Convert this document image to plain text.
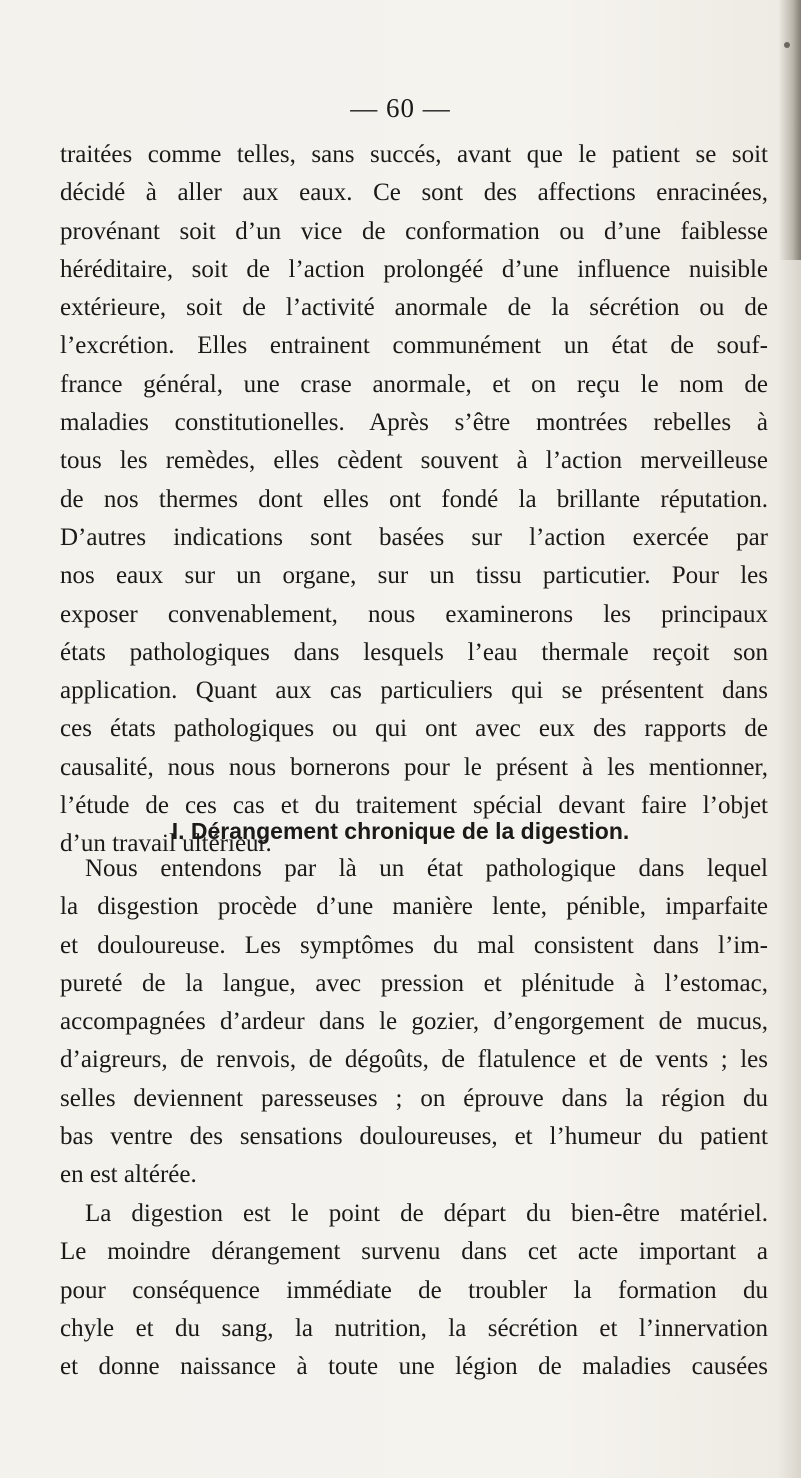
— 60 —
traitées comme telles, sans succés, avant que le patient se soit
décidé à aller aux eaux. Ce sont des affections enracinées,
provénant soit d’un vice de conformation ou d’une faiblesse
héréditaire, soit de l’action prolongéé d’une influence nuisible
extérieure, soit de l’activité anormale de la sécrétion ou de
l’excrétion. Elles entrainent communément un état de souf-
france général, une crase anormale, et on reçu le nom de
maladies constitutionelles. Après s’être montrées rebelles à
tous les remèdes, elles cèdent souvent à l’action merveilleuse
de nos thermes dont elles ont fondé la brillante réputation.
D’autres indications sont basées sur l’action exercée par
nos eaux sur un organe, sur un tissu particutier. Pour les
exposer convenablement, nous examinerons les principaux
états pathologiques dans lesquels l’eau thermale reçoit son
application. Quant aux cas particuliers qui se présentent dans
ces états pathologiques ou qui ont avec eux des rapports de
causalité, nous nous bornerons pour le présent à les mentionner,
l’étude de ces cas et du traitement spécial devant faire l’objet
d’un travail ultérieur.
I. Dérangement chronique de la digestion.
Nous entendons par là un état pathologique dans lequel
la disgestion procède d’une manière lente, pénible, imparfaite
et douloureuse. Les symptômes du mal consistent dans l’im-
pureté de la langue, avec pression et plénitude à l’estomac,
accompagnées d’ardeur dans le gozier, d’engorgement de mucus,
d’aigreurs, de renvois, de dégoûts, de flatulence et de vents ; les
selles deviennent paresseuses ; on éprouve dans la région du
bas ventre des sensations douloureuses, et l’humeur du patient
en est altérée.
La digestion est le point de départ du bien-être matériel.
Le moindre dérangement survenu dans cet acte important a
pour conséquence immédiate de troubler la formation du
chyle et du sang, la nutrition, la sécrétion et l’innervation
et donne naissance à toute une légion de maladies causées
